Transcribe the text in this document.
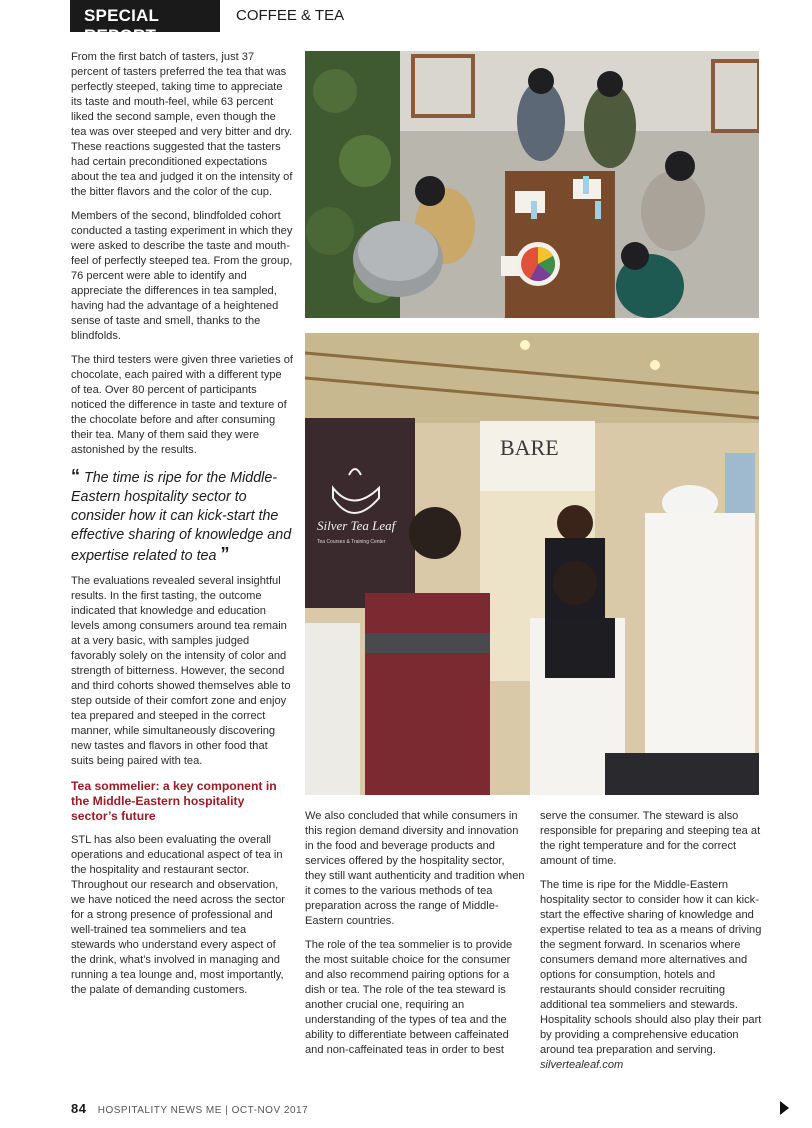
SPECIAL REPORT
COFFEE & TEA

From the first batch of tasters, just 37 percent of tasters preferred the tea that was perfectly steeped, taking time to appreciate its taste and mouth-feel, while 63 percent liked the second sample, even though the tea was over steeped and very bitter and dry. These reactions suggested that the tasters had certain preconditioned expectations about the tea and judged it on the intensity of the bitter flavors and the color of the cup.

Members of the second, blindfolded cohort conducted a tasting experiment in which they were asked to describe the taste and mouth-feel of perfectly steeped tea. From the group, 76 percent were able to identify and appreciate the differences in tea sampled, having had the advantage of a heightened sense of taste and smell, thanks to the blindfolds.

The third testers were given three varieties of chocolate, each paired with a different type of tea. Over 80 percent of participants noticed the difference in taste and texture of the chocolate before and after consuming their tea. Many of them said they were astonished by the results.

“ The time is ripe for the Middle-Eastern hospitality sector to consider how it can kick-start the effective sharing of knowledge and expertise related to tea ”

The evaluations revealed several insightful results. In the first tasting, the outcome indicated that knowledge and education levels among consumers around tea remain at a very basic, with samples judged favorably solely on the intensity of color and strength of bitterness. However, the second and third cohorts showed themselves able to step outside of their comfort zone and enjoy tea prepared and steeped in the correct manner, while simultaneously discovering new tastes and flavors in other food that suits being paired with tea.

Tea sommelier: a key component in the Middle-Eastern hospitality sector’s future

STL has also been evaluating the overall operations and educational aspect of tea in the hospitality and restaurant sector. Throughout our research and observation, we have noticed the need across the sector for a strong presence of professional and well-trained tea sommeliers and tea stewards who understand every aspect of the drink, what’s involved in managing and running a tea lounge and, most importantly, the palate of demanding customers.

Silver Tea Leaf
Tea Courses & Training Center
BARE

We also concluded that while consumers in this region demand diversity and innovation in the food and beverage products and services offered by the hospitality sector, they still want authenticity and tradition when it comes to the various methods of tea preparation across the range of Middle-Eastern countries.

The role of the tea sommelier is to provide the most suitable choice for the consumer and also recommend pairing options for a dish or tea. The role of the tea steward is another crucial one, requiring an understanding of the types of tea and the ability to differentiate between caffeinated and non-caffeinated teas in order to best

serve the consumer. The steward is also responsible for preparing and steeping tea at the right temperature and for the correct amount of time.

The time is ripe for the Middle-Eastern hospitality sector to consider how it can kick-start the effective sharing of knowledge and expertise related to tea as a means of driving the segment forward. In scenarios where consumers demand more alternatives and options for consumption, hotels and restaurants should consider recruiting additional tea sommeliers and stewards. Hospitality schools should also play their part by providing a comprehensive education around tea preparation and serving.
silvertealeaf.com

84 HOSPITALITY NEWS ME | OCT-NOV 2017
